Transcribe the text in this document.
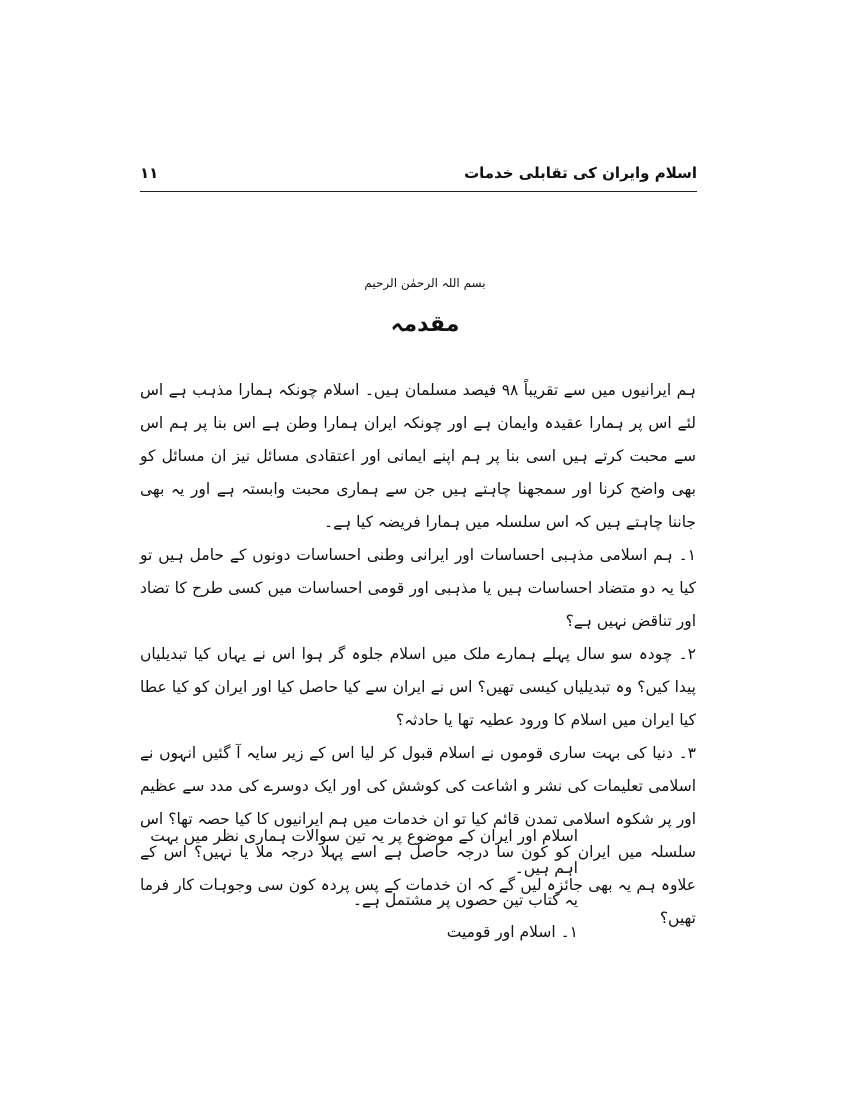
اسلام وایران کی تقابلی خدمات
۱۱
بسم اللہ الرحمٰن الرحیم
مقدمہ

ہم ایرانیوں میں سے تقریباً ۹۸ فیصد مسلمان ہیں۔ اسلام چونکہ ہمارا مذہب ہے اس لئے اس پر ہمارا عقیدہ وایمان ہے اور چونکہ ایران ہمارا وطن ہے اس بنا پر ہم اس سے محبت کرتے ہیں اسی بنا پر ہم اپنے ایمانی اور اعتقادی مسائل نیز ان مسائل کو بھی واضح کرنا اور سمجھنا چاہتے ہیں جن سے ہماری محبت وابستہ ہے اور یہ بھی جاننا چاہتے ہیں کہ اس سلسلہ میں ہمارا فریضہ کیا ہے۔

۱۔ ہم اسلامی مذہبی احساسات اور ایرانی وطنی احساسات دونوں کے حامل ہیں تو کیا یہ دو متضاد احساسات ہیں یا مذہبی اور قومی احساسات میں کسی طرح کا تضاد اور تناقض نہیں ہے؟

۲۔ چودہ سو سال پہلے ہمارے ملک میں اسلام جلوہ گر ہوا اس نے یہاں کیا تبدیلیاں پیدا کیں؟ وہ تبدیلیاں کیسی تھیں؟ اس نے ایران سے کیا حاصل کیا اور ایران کو کیا عطا کیا ایران میں اسلام کا ورود عطیہ تھا یا حادثہ؟

۳۔ دنیا کی بہت ساری قوموں نے اسلام قبول کر لیا اس کے زیر سایہ آ گئیں انہوں نے اسلامی تعلیمات کی نشر و اشاعت کی کوشش کی اور ایک دوسرے کی مدد سے عظیم اور پر شکوہ اسلامی تمدن قائم کیا تو ان خدمات میں ہم ایرانیوں کا کیا حصہ تھا؟ اس سلسلہ میں ایران کو کون سا درجہ حاصل ہے اسے پہلا درجہ ملا یا نہیں؟ اس کے علاوہ ہم یہ بھی جائزہ لیں گے کہ ان خدمات کے پس پردہ کون سی وجوہات کار فرما تھیں؟

اسلام اور ایران کے موضوع پر یہ تین سوالات ہماری نظر میں بہت اہم ہیں۔

یہ کتاب تین حصوں پر مشتمل ہے۔

۱۔ اسلام اور قومیت
